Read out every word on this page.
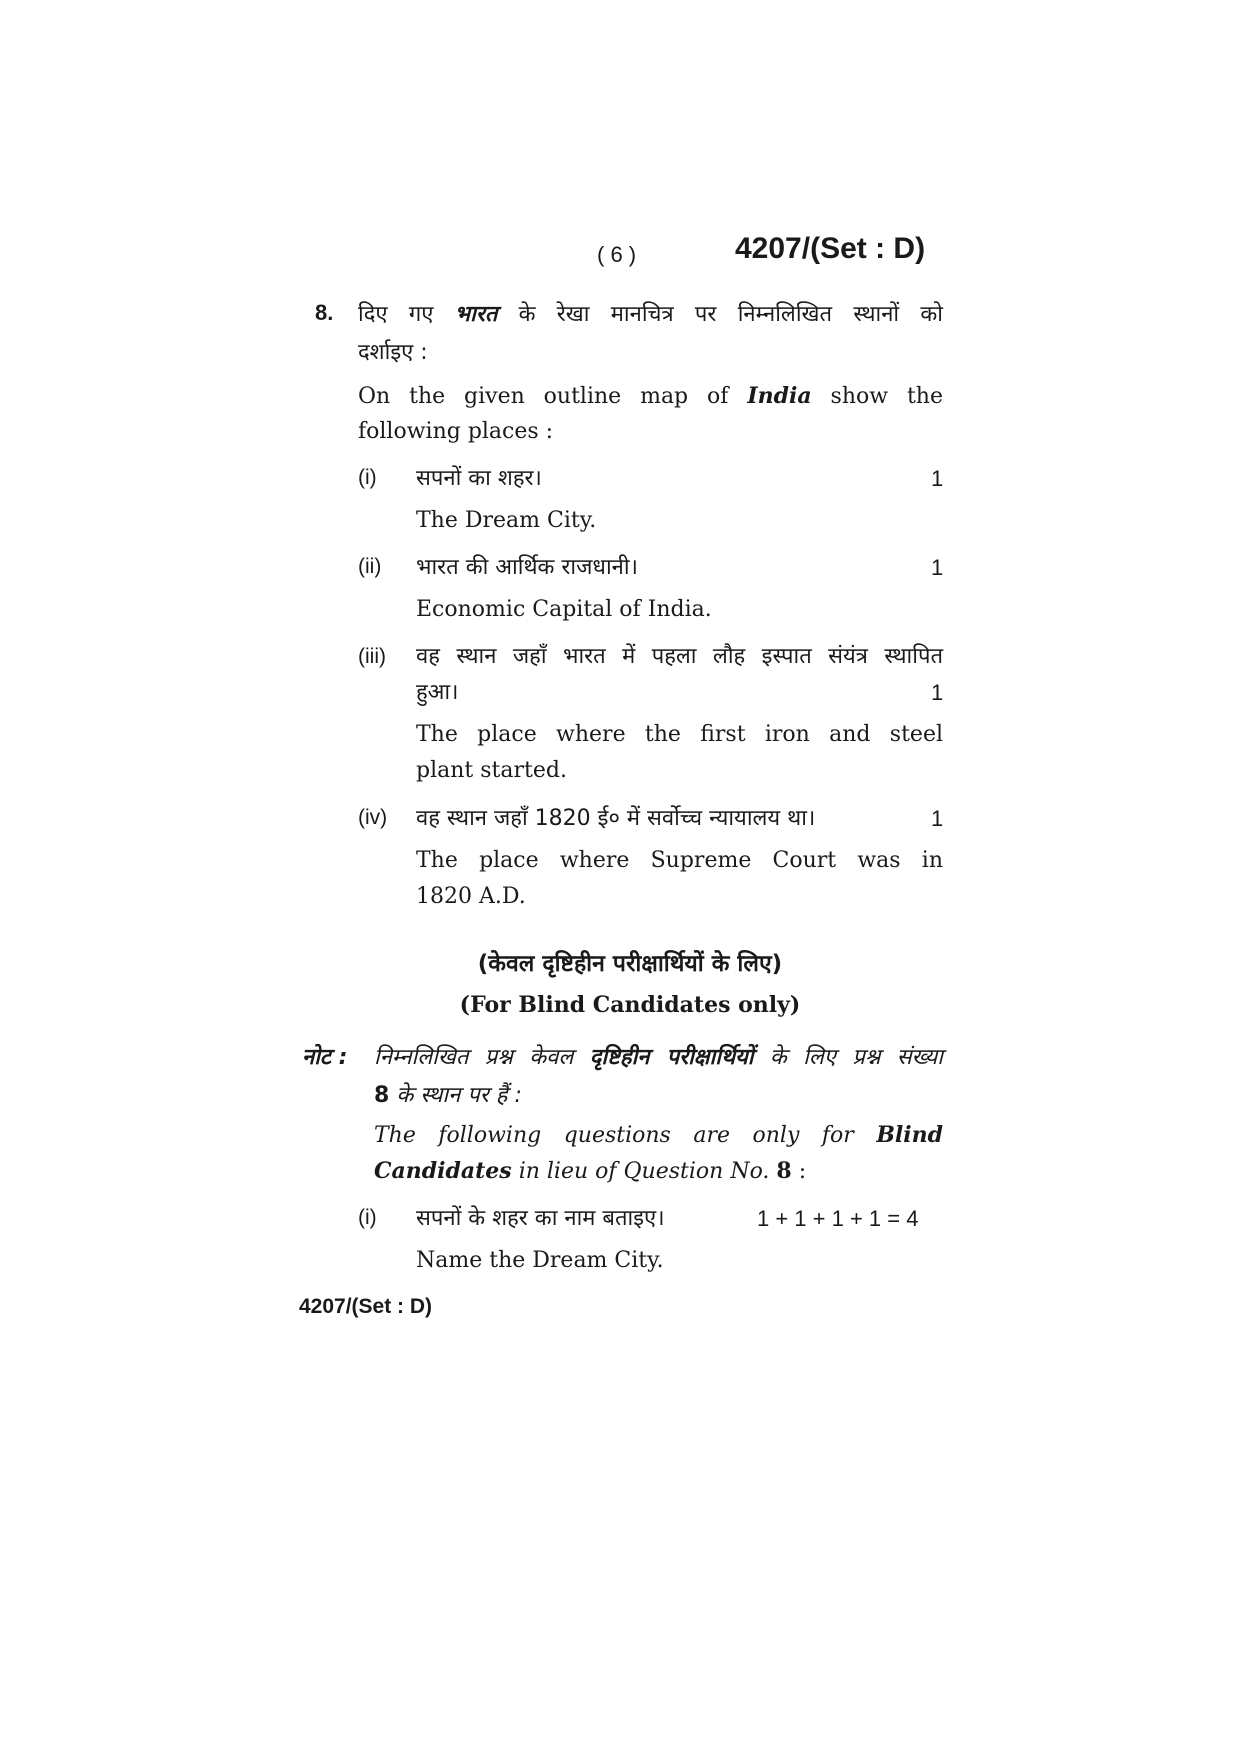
( 6 )	4207/(Set : D)
8. दिए गए भारत के रेखा मानचित्र पर निम्नलिखित स्थानों को
दर्शाइए :
On the given outline map of India show the
following places :
(i) सपनों का शहर।	1
The Dream City.
(ii) भारत की आर्थिक राजधानी।	1
Economic Capital of India.
(iii) वह स्थान जहाँ भारत में पहला लौह इस्पात संयंत्र स्थापित
हुआ।	1
The place where the first iron and steel
plant started.
(iv) वह स्थान जहाँ 1820 ई० में सर्वोच्च न्यायालय था।	1
The place where Supreme Court was in
1820 A.D.
(केवल दृष्टिहीन परीक्षार्थियों के लिए)
(For Blind Candidates only)
नोट : निम्नलिखित प्रश्न केवल दृष्टिहीन परीक्षार्थियों के लिए प्रश्न संख्या
8 के स्थान पर हैं :
The following questions are only for Blind
Candidates in lieu of Question No. 8 :
(i) सपनों के शहर का नाम बताइए।	1 + 1 + 1 + 1 = 4
Name the Dream City.
4207/(Set : D)
